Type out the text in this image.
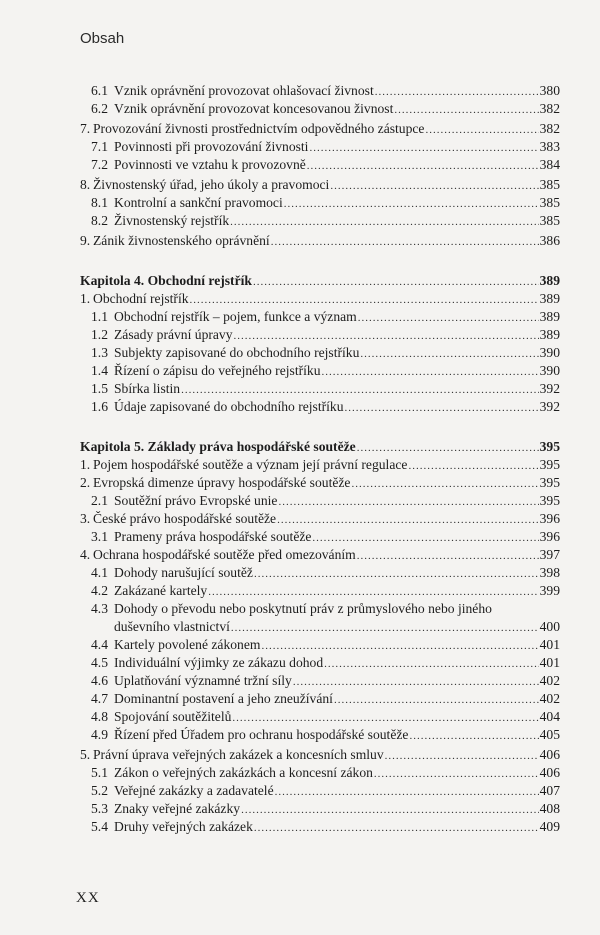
Obsah
6.1 Vznik oprávnění provozovat ohlašovací živnost .....	380
6.2 Vznik oprávnění provozovat koncesovanou živnost .....	382
7. Provozování živnosti prostřednictvím odpovědného zástupce .....	382
7.1 Povinnosti při provozování živnosti .....	383
7.2 Povinnosti ve vztahu k provozovně .....	384
8. Živnostenský úřad, jeho úkoly a pravomoci .....	385
8.1 Kontrolní a sankční pravomoci .....	385
8.2 Živnostenský rejstřík .....	385
9. Zánik živnostenského oprávnění .....	386
Kapitola 4. Obchodní rejstřík .....	389
1. Obchodní rejstřík .....	389
1.1 Obchodní rejstřík – pojem, funkce a význam .....	389
1.2 Zásady právní úpravy .....	389
1.3 Subjekty zapisované do obchodního rejstříku .....	390
1.4 Řízení o zápisu do veřejného rejstříku .....	390
1.5 Sbírka listin .....	392
1.6 Údaje zapisované do obchodního rejstříku .....	392
Kapitola 5. Základy práva hospodářské soutěže .....	395
1. Pojem hospodářské soutěže a význam její právní regulace .....	395
2. Evropská dimenze úpravy hospodářské soutěže .....	395
2.1 Soutěžní právo Evropské unie .....	395
3. České právo hospodářské soutěže .....	396
3.1 Prameny práva hospodářské soutěže .....	396
4. Ochrana hospodářské soutěže před omezováním .....	397
4.1 Dohody narušující soutěž .....	398
4.2 Zakázané kartely .....	399
4.3 Dohody o převodu nebo poskytnutí práv z průmyslového nebo jiného
duševního vlastnictví .....	400
4.4 Kartely povolené zákonem .....	401
4.5 Individuální výjimky ze zákazu dohod .....	401
4.6 Uplatňování významné tržní síly .....	402
4.7 Dominantní postavení a jeho zneužívání .....	402
4.8 Spojování soutěžitelů .....	404
4.9 Řízení před Úřadem pro ochranu hospodářské soutěže .....	405
5. Právní úprava veřejných zakázek a koncesních smluv .....	406
5.1 Zákon o veřejných zakázkách a koncesní zákon .....	406
5.2 Veřejné zakázky a zadavatelé .....	407
5.3 Znaky veřejné zakázky .....	408
5.4 Druhy veřejných zakázek .....	409
XX
